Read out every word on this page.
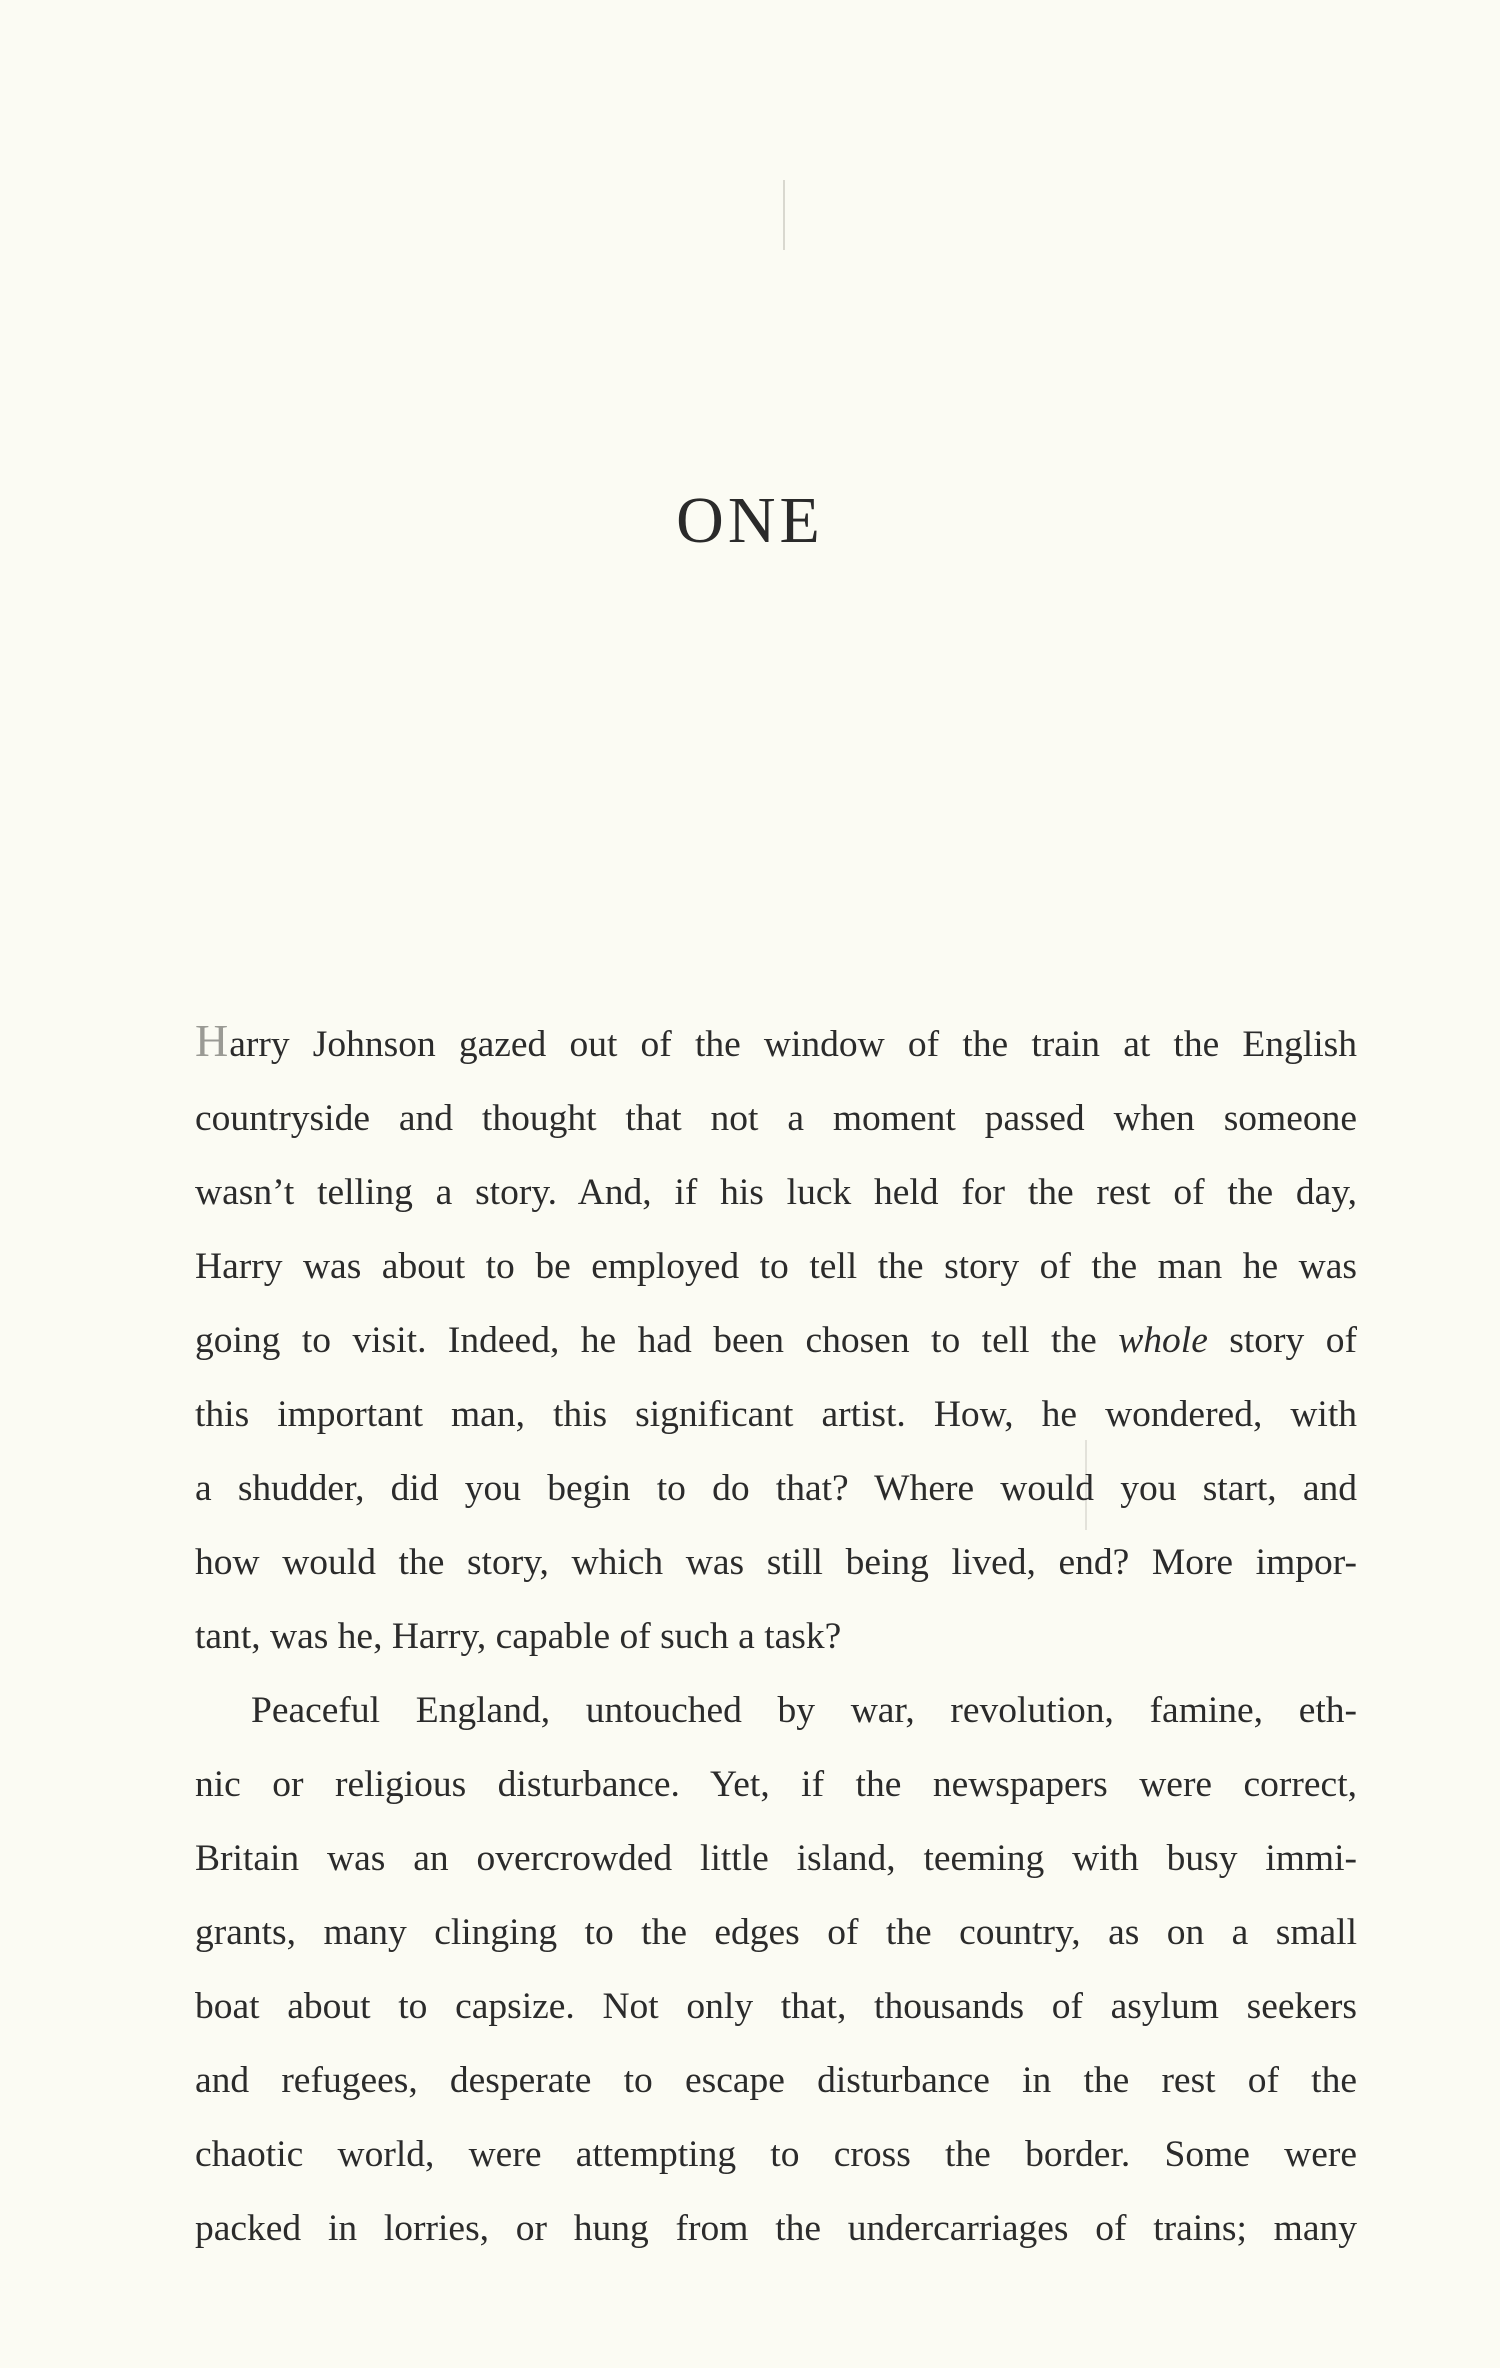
ONE
Harry Johnson gazed out of the window of the train at the English
countryside and thought that not a moment passed when someone
wasn’t telling a story. And, if his luck held for the rest of the day,
Harry was about to be employed to tell the story of the man he was
going to visit. Indeed, he had been chosen to tell the whole story of
this important man, this significant artist. How, he wondered, with
a shudder, did you begin to do that? Where would you start, and
how would the story, which was still being lived, end? More impor-
tant, was he, Harry, capable of such a task?
Peaceful England, untouched by war, revolution, famine, eth-
nic or religious disturbance. Yet, if the newspapers were correct,
Britain was an overcrowded little island, teeming with busy immi-
grants, many clinging to the edges of the country, as on a small
boat about to capsize. Not only that, thousands of asylum seekers
and refugees, desperate to escape disturbance in the rest of the
chaotic world, were attempting to cross the border. Some were
packed in lorries, or hung from the undercarriages of trains; many
